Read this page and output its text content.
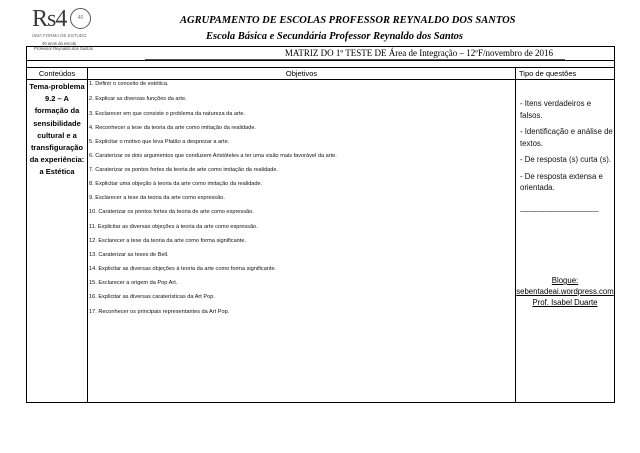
Rs4	40
UMA FORMA DE ESTUDO
40 anos da escola
Professor Reynaldo dos Santos
AGRUPAMENTO DE ESCOLAS PROFESSOR REYNALDO DOS SANTOS
Escola Básica e Secundária Professor Reynaldo dos Santos
MATRIZ DO 1º TESTE DE Área de Integração – 12ºF/novembro de 2016
Conteúdos	Objetivos	Tipo de questões
Tema-problema 9.2 – A formação da sensibilidade cultural e a transfiguração da experiência: a Estética
1. Definir o conceito de estética.
2. Explicar as diversas funções da arte.
3. Esclarecer em que consiste o problema da natureza da arte.
4. Reconhecer a tese da teoria da arte como imitação da realidade.
5. Explicitar o motivo que leva Platão a desprezar a arte.
6. Caraterizar os dois argumentos que conduzem Aristóteles a ter uma visão mais favorável da arte.
7. Caraterizar os pontos fortes da teoria de arte como imitação da realidade.
8. Explicitar uma objeção à teoria da arte como imitação da realidade.
9. Esclarecer a tese da teoria da arte como expressão.
10. Caraterizar os pontos fortes da teoria de arte como expressão.
11. Explicitar as diversas objeções à teoria da arte como expressão.
12. Esclarecer a tese da teoria da arte como forma significante.
13. Caraterizar as teses de Bell.
14. Explicitar as diversas objeções à teoria da arte como forma significante.
15. Esclarecer a origem da Pop Art.
16. Explicitar as diversas caraterísticas da Art Pop.
17. Reconhecer os principais representantes da Art Pop.

- Itens verdadeiros e falsos.

- Identificação e análise de textos.

- De resposta (s) curta (s).

- De resposta extensa e orientada.

-------------------------------------------------
Blogue:
sebentadeai.wordpress.com
Prof. Isabel Duarte
